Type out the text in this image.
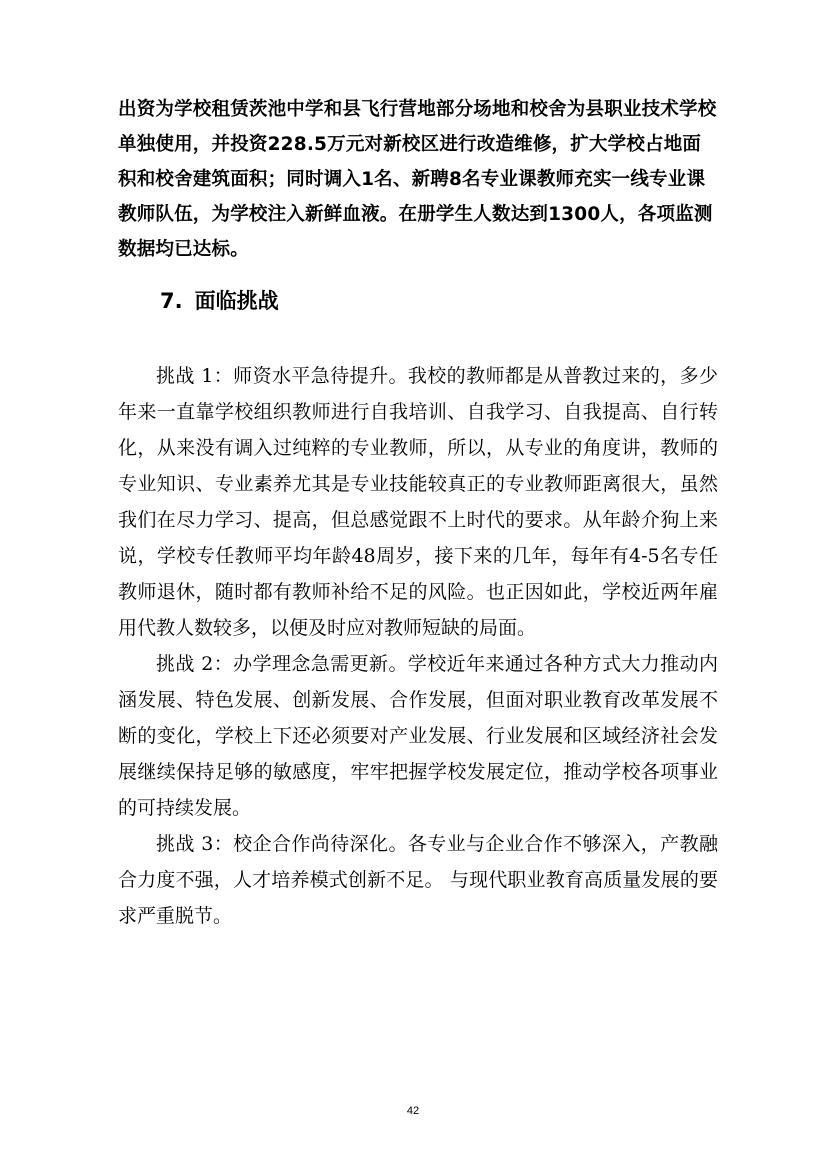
出资为学校租赁茨池中学和县飞行营地部分场地和校舍为县职业技术学校单独使用，并投资228.5万元对新校区进行改造维修，扩大学校占地面积和校舍建筑面积；同时调入1名、新聘8名专业课教师充实一线专业课教师队伍，为学校注入新鲜血液。在册学生人数达到1300人，各项监测数据均已达标。

7. 面临挑战

挑战 1：师资水平急待提升。我校的教师都是从普教过来的，多少年来一直靠学校组织教师进行自我培训、自我学习、自我提高、自行转化，从来没有调入过纯粹的专业教师，所以，从专业的角度讲，教师的专业知识、专业素养尤其是专业技能较真正的专业教师距离很大，虽然我们在尽力学习、提高，但总感觉跟不上时代的要求。从年龄介狗上来说，学校专任教师平均年龄48周岁，接下来的几年，每年有4-5名专任教师退休，随时都有教师补给不足的风险。也正因如此，学校近两年雇用代教人数较多，以便及时应对教师短缺的局面。

挑战 2：办学理念急需更新。学校近年来通过各种方式大力推动内涵发展、特色发展、创新发展、合作发展，但面对职业教育改革发展不断的变化，学校上下还必须要对产业发展、行业发展和区域经济社会发展继续保持足够的敏感度，牢牢把握学校发展定位，推动学校各项事业的可持续发展。

挑战 3：校企合作尚待深化。各专业与企业合作不够深入，产教融合力度不强，人才培养模式创新不足。 与现代职业教育高质量发展的要求严重脱节。

42
